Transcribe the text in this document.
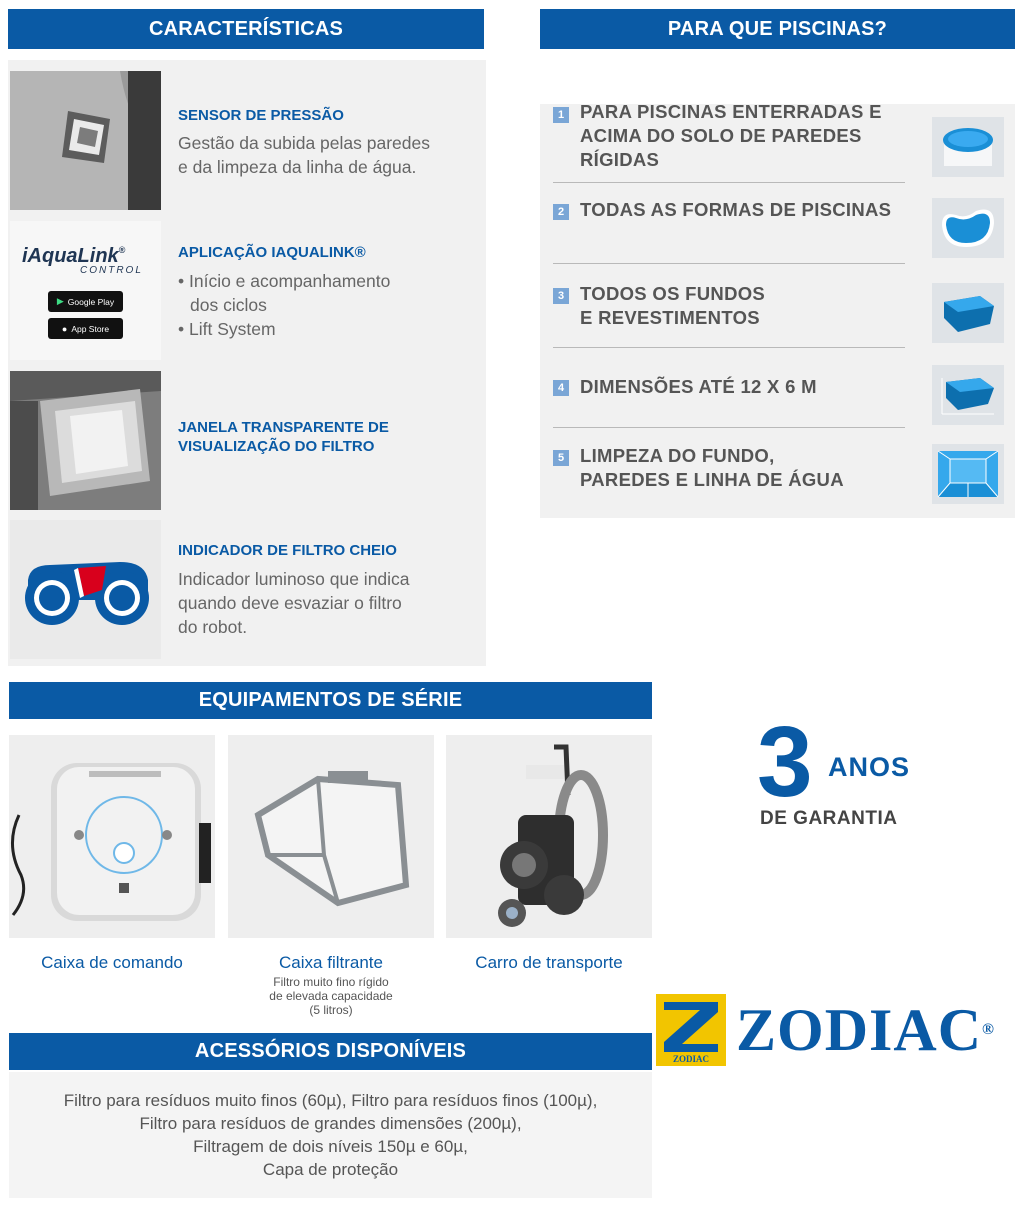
CARACTERÍSTICAS	PARA QUE PISCINAS?
SENSOR DE PRESSÃO
Gestão da subida pelas paredes
e da limpeza da linha de água.
iAquaLink®
CONTROL
▶ Google Play
● App Store
APLICAÇÃO IAQUALINK®
• Início e acompanhamento
dos ciclos
• Lift System
JANELA TRANSPARENTE DE
VISUALIZAÇÃO DO FILTRO
INDICADOR DE FILTRO CHEIO
Indicador luminoso que indica
quando deve esvaziar o filtro
do robot.
1 PARA PISCINAS ENTERRADAS E
ACIMA DO SOLO DE PAREDES
RÍGIDAS
2 TODAS AS FORMAS DE PISCINAS
3 TODOS OS FUNDOS
E REVESTIMENTOS
4 DIMENSÕES ATÉ 12 X 6 M
5 LIMPEZA DO FUNDO,
PAREDES E LINHA DE ÁGUA
EQUIPAMENTOS DE SÉRIE
Caixa de comando	Caixa filtrante
Filtro muito fino rígido
de elevada capacidade
(5 litros)
Carro de transporte
3 ANOS
DE GARANTIA
ZODIAC ZODIAC®
ACESSÓRIOS DISPONÍVEIS
Filtro para resíduos muito finos (60µ), Filtro para resíduos finos (100µ),
Filtro para resíduos de grandes dimensões (200µ),
Filtragem de dois níveis 150µ e 60µ,
Capa de proteção
